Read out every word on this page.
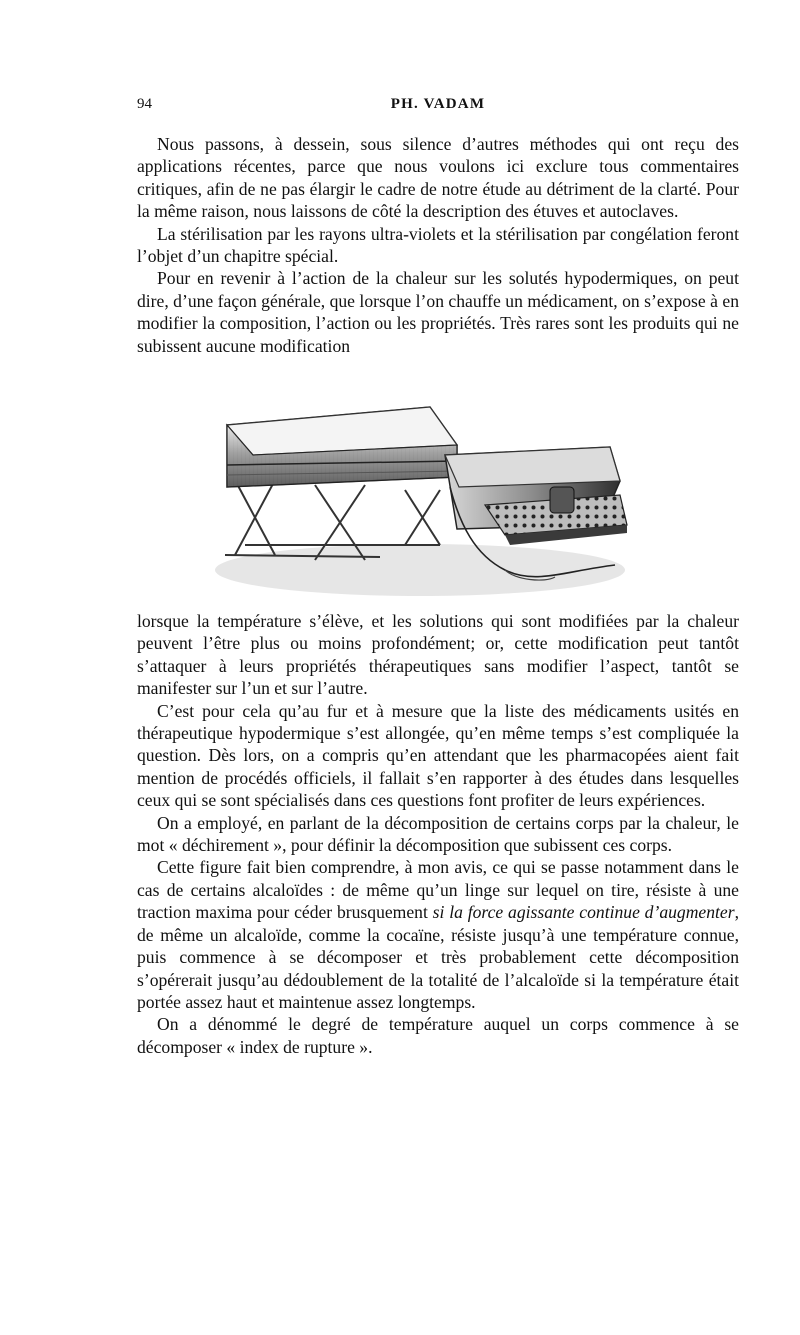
94	PH. VADAM

Nous passons, à dessein, sous silence d’autres méthodes qui ont reçu des applications récentes, parce que nous voulons ici exclure tous commentaires critiques, afin de ne pas élargir le cadre de notre étude au détriment de la clarté. Pour la même raison, nous laissons de côté la description des étuves et autoclaves.

La stérilisation par les rayons ultra-violets et la stérilisation par congélation feront l’objet d’un chapitre spécial.

Pour en revenir à l’action de la chaleur sur les solutés hypodermiques, on peut dire, d’une façon générale, que lorsque l’on chauffe un médicament, on s’expose à en modifier la composition, l’action ou les propriétés. Très rares sont les produits qui ne subissent aucune modification

lorsque la température s’élève, et les solutions qui sont modifiées par la chaleur peuvent l’être plus ou moins profondément; or, cette modification peut tantôt s’attaquer à leurs propriétés thérapeutiques sans modifier l’aspect, tantôt se manifester sur l’un et sur l’autre.

C’est pour cela qu’au fur et à mesure que la liste des médicaments usités en thérapeutique hypodermique s’est allongée, qu’en même temps s’est compliquée la question. Dès lors, on a compris qu’en attendant que les pharmacopées aient fait mention de procédés officiels, il fallait s’en rapporter à des études dans lesquelles ceux qui se sont spécialisés dans ces questions font profiter de leurs expériences.

On a employé, en parlant de la décomposition de certains corps par la chaleur, le mot « déchirement », pour définir la décomposition que subissent ces corps.

Cette figure fait bien comprendre, à mon avis, ce qui se passe notamment dans le cas de certains alcaloïdes : de même qu’un linge sur lequel on tire, résiste à une traction maxima pour céder brusquement si la force agissante continue d’augmenter, de même un alcaloïde, comme la cocaïne, résiste jusqu’à une température connue, puis commence à se décomposer et très probablement cette décomposition s’opérerait jusqu’au dédoublement de la totalité de l’alcaloïde si la température était portée assez haut et maintenue assez longtemps.

On a dénommé le degré de température auquel un corps commence à se décomposer « index de rupture ».
